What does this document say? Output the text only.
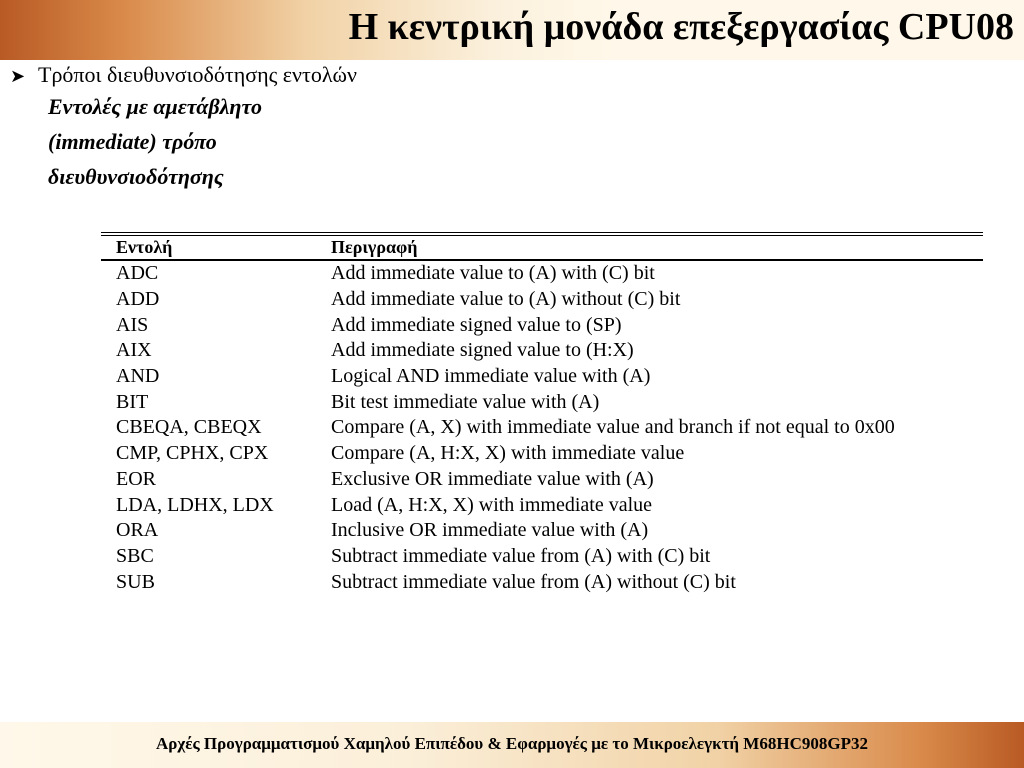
Η κεντρική μονάδα επεξεργασίας CPU08
➤ Τρόποι διευθυνσιοδότησης εντολών
Εντολές με αμετάβλητο
(immediate) τρόπο
διευθυνσιοδότησης
Εντολή	Περιγραφή
ADC	Add immediate value to (A) with (C) bit
ADD	Add immediate value to (A) without (C) bit
AIS	Add immediate signed value to (SP)
AIX	Add immediate signed value to (H:X)
AND	Logical AND immediate value with (A)
BIT	Bit test immediate value with (A)
CBEQA, CBEQX	Compare (A, X) with immediate value and branch if not equal to 0x00
CMP, CPHX, CPX	Compare (A, H:X, X) with immediate value
EOR	Exclusive OR immediate value with (A)
LDA, LDHX, LDX	Load (A, H:X, X) with immediate value
ORA	Inclusive OR immediate value with (A)
SBC	Subtract immediate value from (A) with (C) bit
SUB	Subtract immediate value from (A) without (C) bit
Αρχές Προγραμματισμού Χαμηλού Επιπέδου & Εφαρμογές με το Μικροελεγκτή M68HC908GP32
